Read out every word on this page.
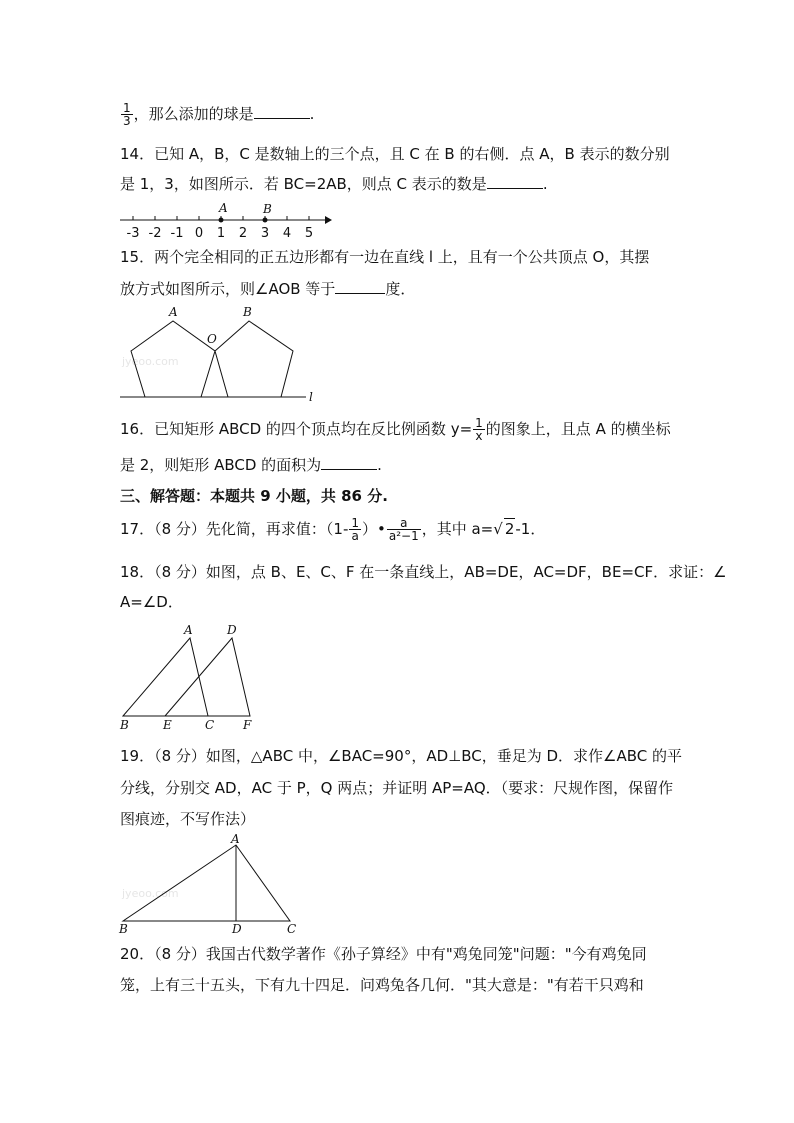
$\frac{1}{3}$ ，那么添加的球是	.
14．已知 A，B，C 是数轴上的三个点，且 C 在 B 的右侧．点 A，B 表示的数分别
是 1，3，如图所示．若 BC=2AB，则点 C 表示的数是	.
-3 -2 -1 0 1 2 3 4 5
A	B
15．两个完全相同的正五边形都有一边在直线 l 上，且有一个公共顶点 O，其摆
放方式如图所示，则∠AOB 等于	度．
jyeoo.com
A	B
O
l
16．已知矩形 ABCD 的四个顶点均在反比例函数 $y= \frac{1}{x}$ 的图象上，且点 A 的横坐标
是 2，则矩形 ABCD 的面积为	.
三、解答题：本题共 9 小题，共 86 分.
17．（8 分）先化简，再求值：（$1- \frac{1}{a}$ ）• $\frac{a}{\text{a²−1}}$ ，其中 a=√ 2-1．
18．（8 分）如图，点 B、E、C、F 在一条直线上，AB=DE，AC=DF，BE=CF．求证：∠
A=∠D．
A	D
B	E	C F
19．（8 分）如图，△ABC 中，∠BAC=90°，AD⊥BC，垂足为 D．求作∠ABC 的平
分线，分别交 AD，AC 于 P，Q 两点；并证明 AP=AQ．（要求：尺规作图，保留作
图痕迹，不写作法）
jyeoo.com
A
B	D	C
20．（8 分）我国古代数学著作《孙子算经》中有"鸡兔同笼"问题："今有鸡兔同
笼，上有三十五头，下有九十四足．问鸡兔各几何．"其大意是："有若干只鸡和
